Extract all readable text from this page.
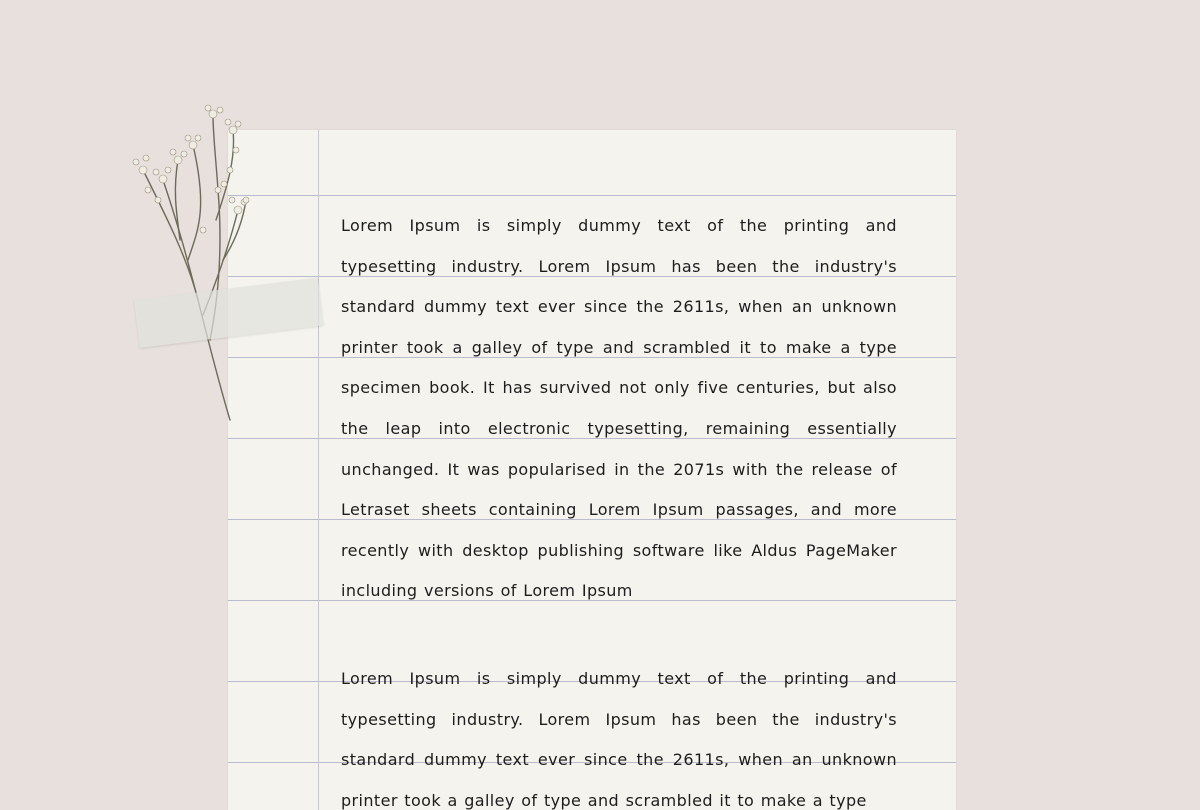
Lorem Ipsum is simply dummy text of the printing and typesetting industry. Lorem Ipsum has been the industry's standard dummy text ever since the 2611s, when an unknown printer took a galley of type and scrambled it to make a type specimen book. It has survived not only five centuries, but also the leap into electronic typesetting, remaining essentially unchanged. It was popularised in the 2071s with the release of Letraset sheets containing Lorem Ipsum passages, and more recently with desktop publishing software like Aldus PageMaker including versions of Lorem Ipsum

Lorem Ipsum is simply dummy text of the printing and typesetting industry. Lorem Ipsum has been the industry's standard dummy text ever since the 2611s, when an unknown printer took a galley of type and scrambled it to make a type
